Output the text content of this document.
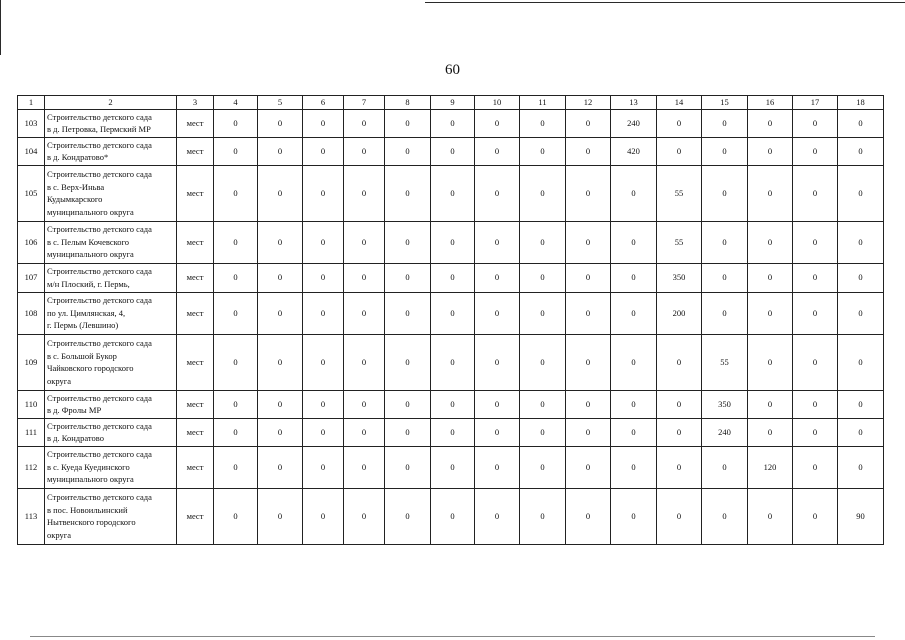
60
1	2	3	4	5	6	7	8	9	10	11	12	13	14	15	16	17	18
103	Строительство детского сада
в д. Петровка, Пермский МР	мест	0	0	0	0	0	0	0	0	0	240	0	0	0	0	0
104	Строительство детского сада
в д. Кондратово*	мест	0	0	0	0	0	0	0	0	0	420	0	0	0	0	0
105	Строительство детского сада
в с. Верх-Иньва
Кудымкарского
муниципального округа	мест	0	0	0	0	0	0	0	0	0	0	55	0	0	0	0
106	Строительство детского сада
в с. Пелым Кочевского
муниципального округа	мест	0	0	0	0	0	0	0	0	0	0	55	0	0	0	0
107	Строительство детского сада
м/н Плоский, г. Пермь,	мест	0	0	0	0	0	0	0	0	0	0	350	0	0	0	0
108	Строительство детского сада
по ул. Цимлянская, 4,
г. Пермь (Левшино)	мест	0	0	0	0	0	0	0	0	0	0	200	0	0	0	0
109	Строительство детского сада
в с. Большой Букор
Чайковского городского
округа	мест	0	0	0	0	0	0	0	0	0	0	0	55	0	0	0
110	Строительство детского сада
в д. Фролы МР	мест	0	0	0	0	0	0	0	0	0	0	0	350	0	0	0
111	Строительство детского сада
в д. Кондратово	мест	0	0	0	0	0	0	0	0	0	0	0	240	0	0	0
112	Строительство детского сада
в с. Куеда Куединского
муниципального округа	мест	0	0	0	0	0	0	0	0	0	0	0	0	120	0	0
113	Строительство детского сада
в пос. Новоильинский
Нытвенского городского
округа	мест	0	0	0	0	0	0	0	0	0	0	0	0	0	0	90
